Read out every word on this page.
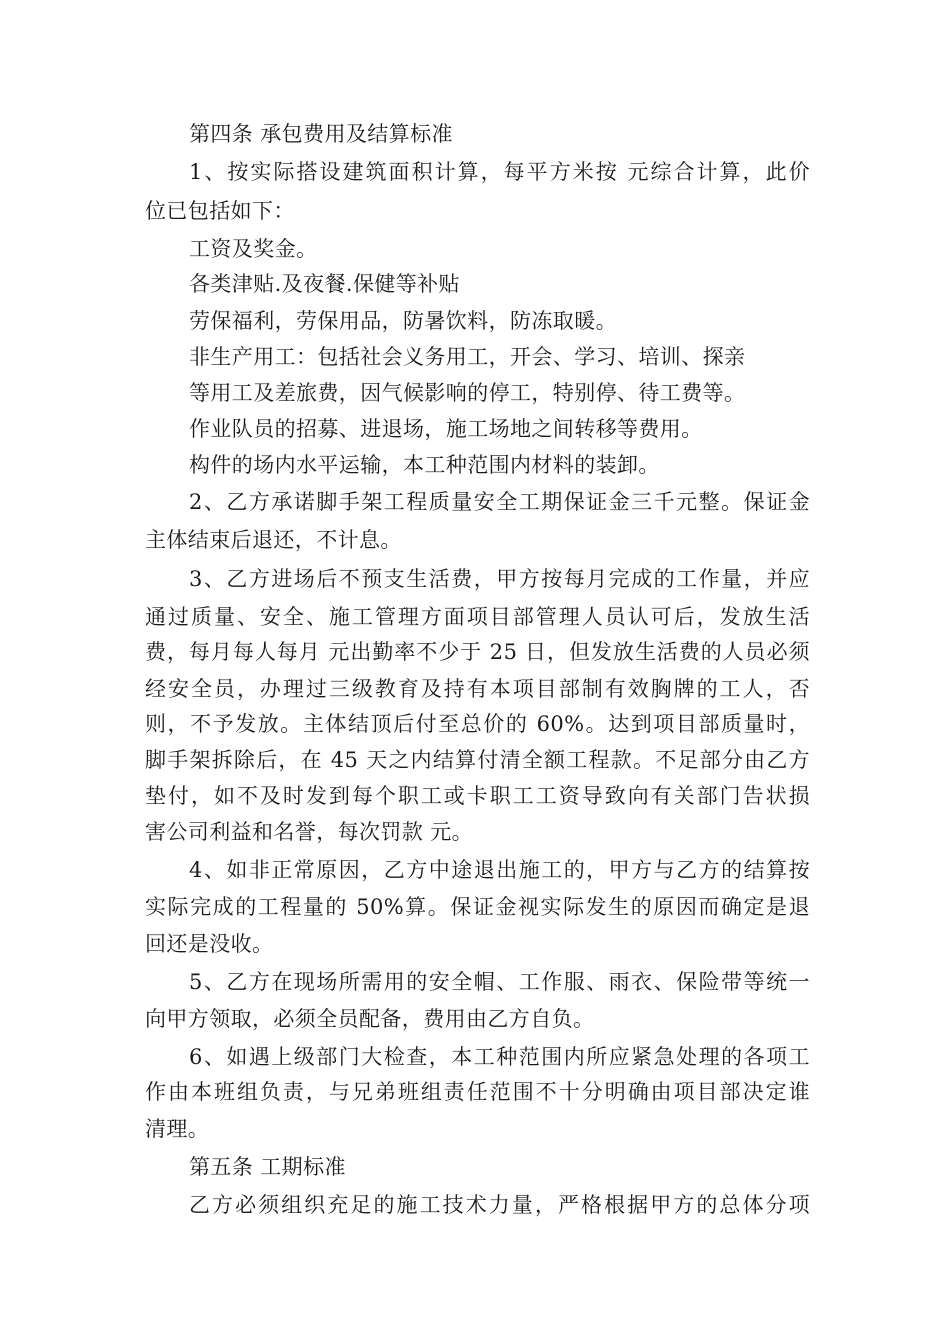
第四条 承包费用及结算标准
1、按实际搭设建筑面积计算，每平方米按 元综合计算，此价
位已包括如下：
工资及奖金。
各类津贴.及夜餐.保健等补贴
劳保福利，劳保用品，防暑饮料，防冻取暖。
非生产用工：包括社会义务用工，开会、学习、培训、探亲
等用工及差旅费，因气候影响的停工，特别停、待工费等。
作业队员的招募、进退场，施工场地之间转移等费用。
构件的场内水平运输，本工种范围内材料的装卸。
2、乙方承诺脚手架工程质量安全工期保证金三千元整。保证金
主体结束后退还，不计息。
3、乙方进场后不预支生活费，甲方按每月完成的工作量，并应
通过质量、安全、施工管理方面项目部管理人员认可后，发放生活
费，每月每人每月 元出勤率不少于 25 日，但发放生活费的人员必须
经安全员，办理过三级教育及持有本项目部制有效胸牌的工人，否
则，不予发放。主体结顶后付至总价的 60%。达到项目部质量时，
脚手架拆除后，在 45 天之内结算付清全额工程款。不足部分由乙方
垫付，如不及时发到每个职工或卡职工工资导致向有关部门告状损
害公司利益和名誉，每次罚款 元。
4、如非正常原因，乙方中途退出施工的，甲方与乙方的结算按
实际完成的工程量的 50%算。保证金视实际发生的原因而确定是退
回还是没收。
5、乙方在现场所需用的安全帽、工作服、雨衣、保险带等统一
向甲方领取，必须全员配备，费用由乙方自负。
6、如遇上级部门大检查，本工种范围内所应紧急处理的各项工
作由本班组负责，与兄弟班组责任范围不十分明确由项目部决定谁
清理。
第五条 工期标准
乙方必须组织充足的施工技术力量，严格根据甲方的总体分项
